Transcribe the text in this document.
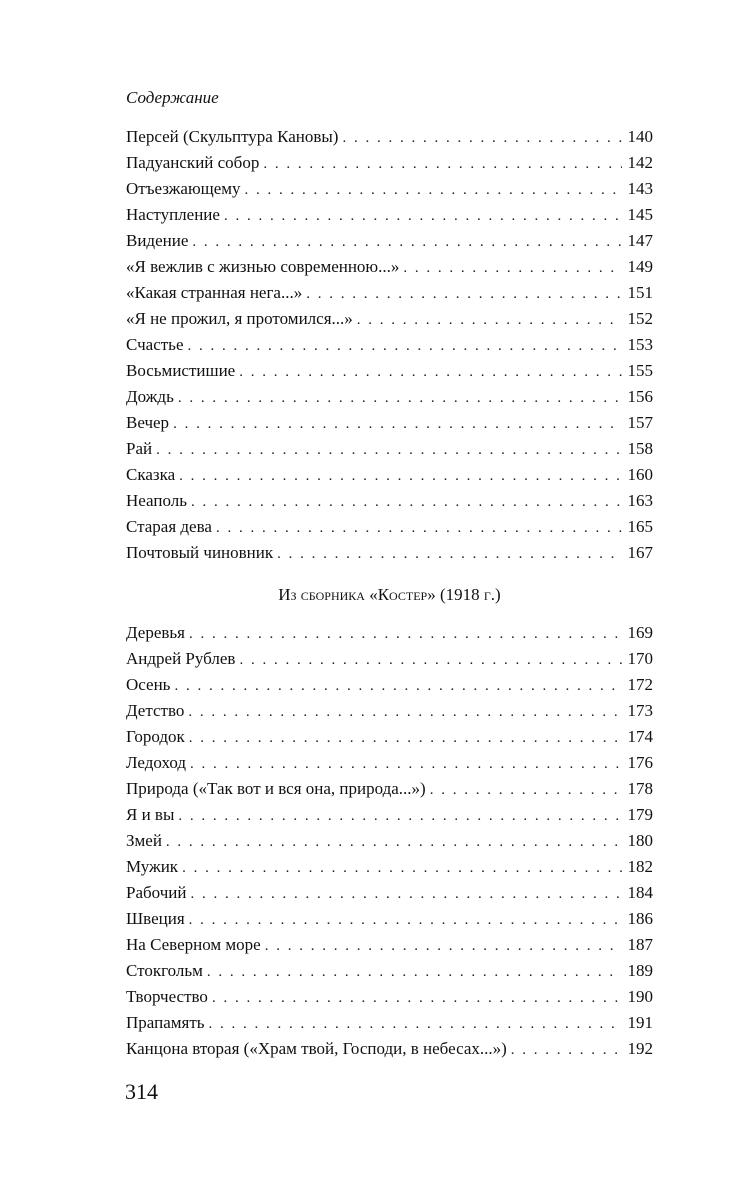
Содержание
Персей (Скульптура Кановы) . . .	140
Падуанский собор . . .	142
Отъезжающему . . .	143
Наступление . . .	145
Видение . . .	147
«Я вежлив с жизнью современною...» . . .	149
«Какая странная нега...» . . .	151
«Я не прожил, я протомился...» . . .	152
Счастье . . .	153
Восьмистишие . . .	155
Дождь . . .	156
Вечер . . .	157
Рай . . .	158
Сказка . . .	160
Неаполь . . .	163
Старая дева . . .	165
Почтовый чиновник . . .	167
Из сборника «Костер» (1918 г.)
Деревья . . .	169
Андрей Рублев . . .	170
Осень . . .	172
Детство . . .	173
Городок . . .	174
Ледоход . . .	176
Природа («Так вот и вся она, природа...») . . .	178
Я и вы . . .	179
Змей . . .	180
Мужик . . .	182
Рабочий . . .	184
Швеция . . .	186
На Северном море . . .	187
Стокгольм . . .	189
Творчество . . .	190
Прапамять . . .	191
Канцона вторая («Храм твой, Господи, в небесах...») . . .	192
314
